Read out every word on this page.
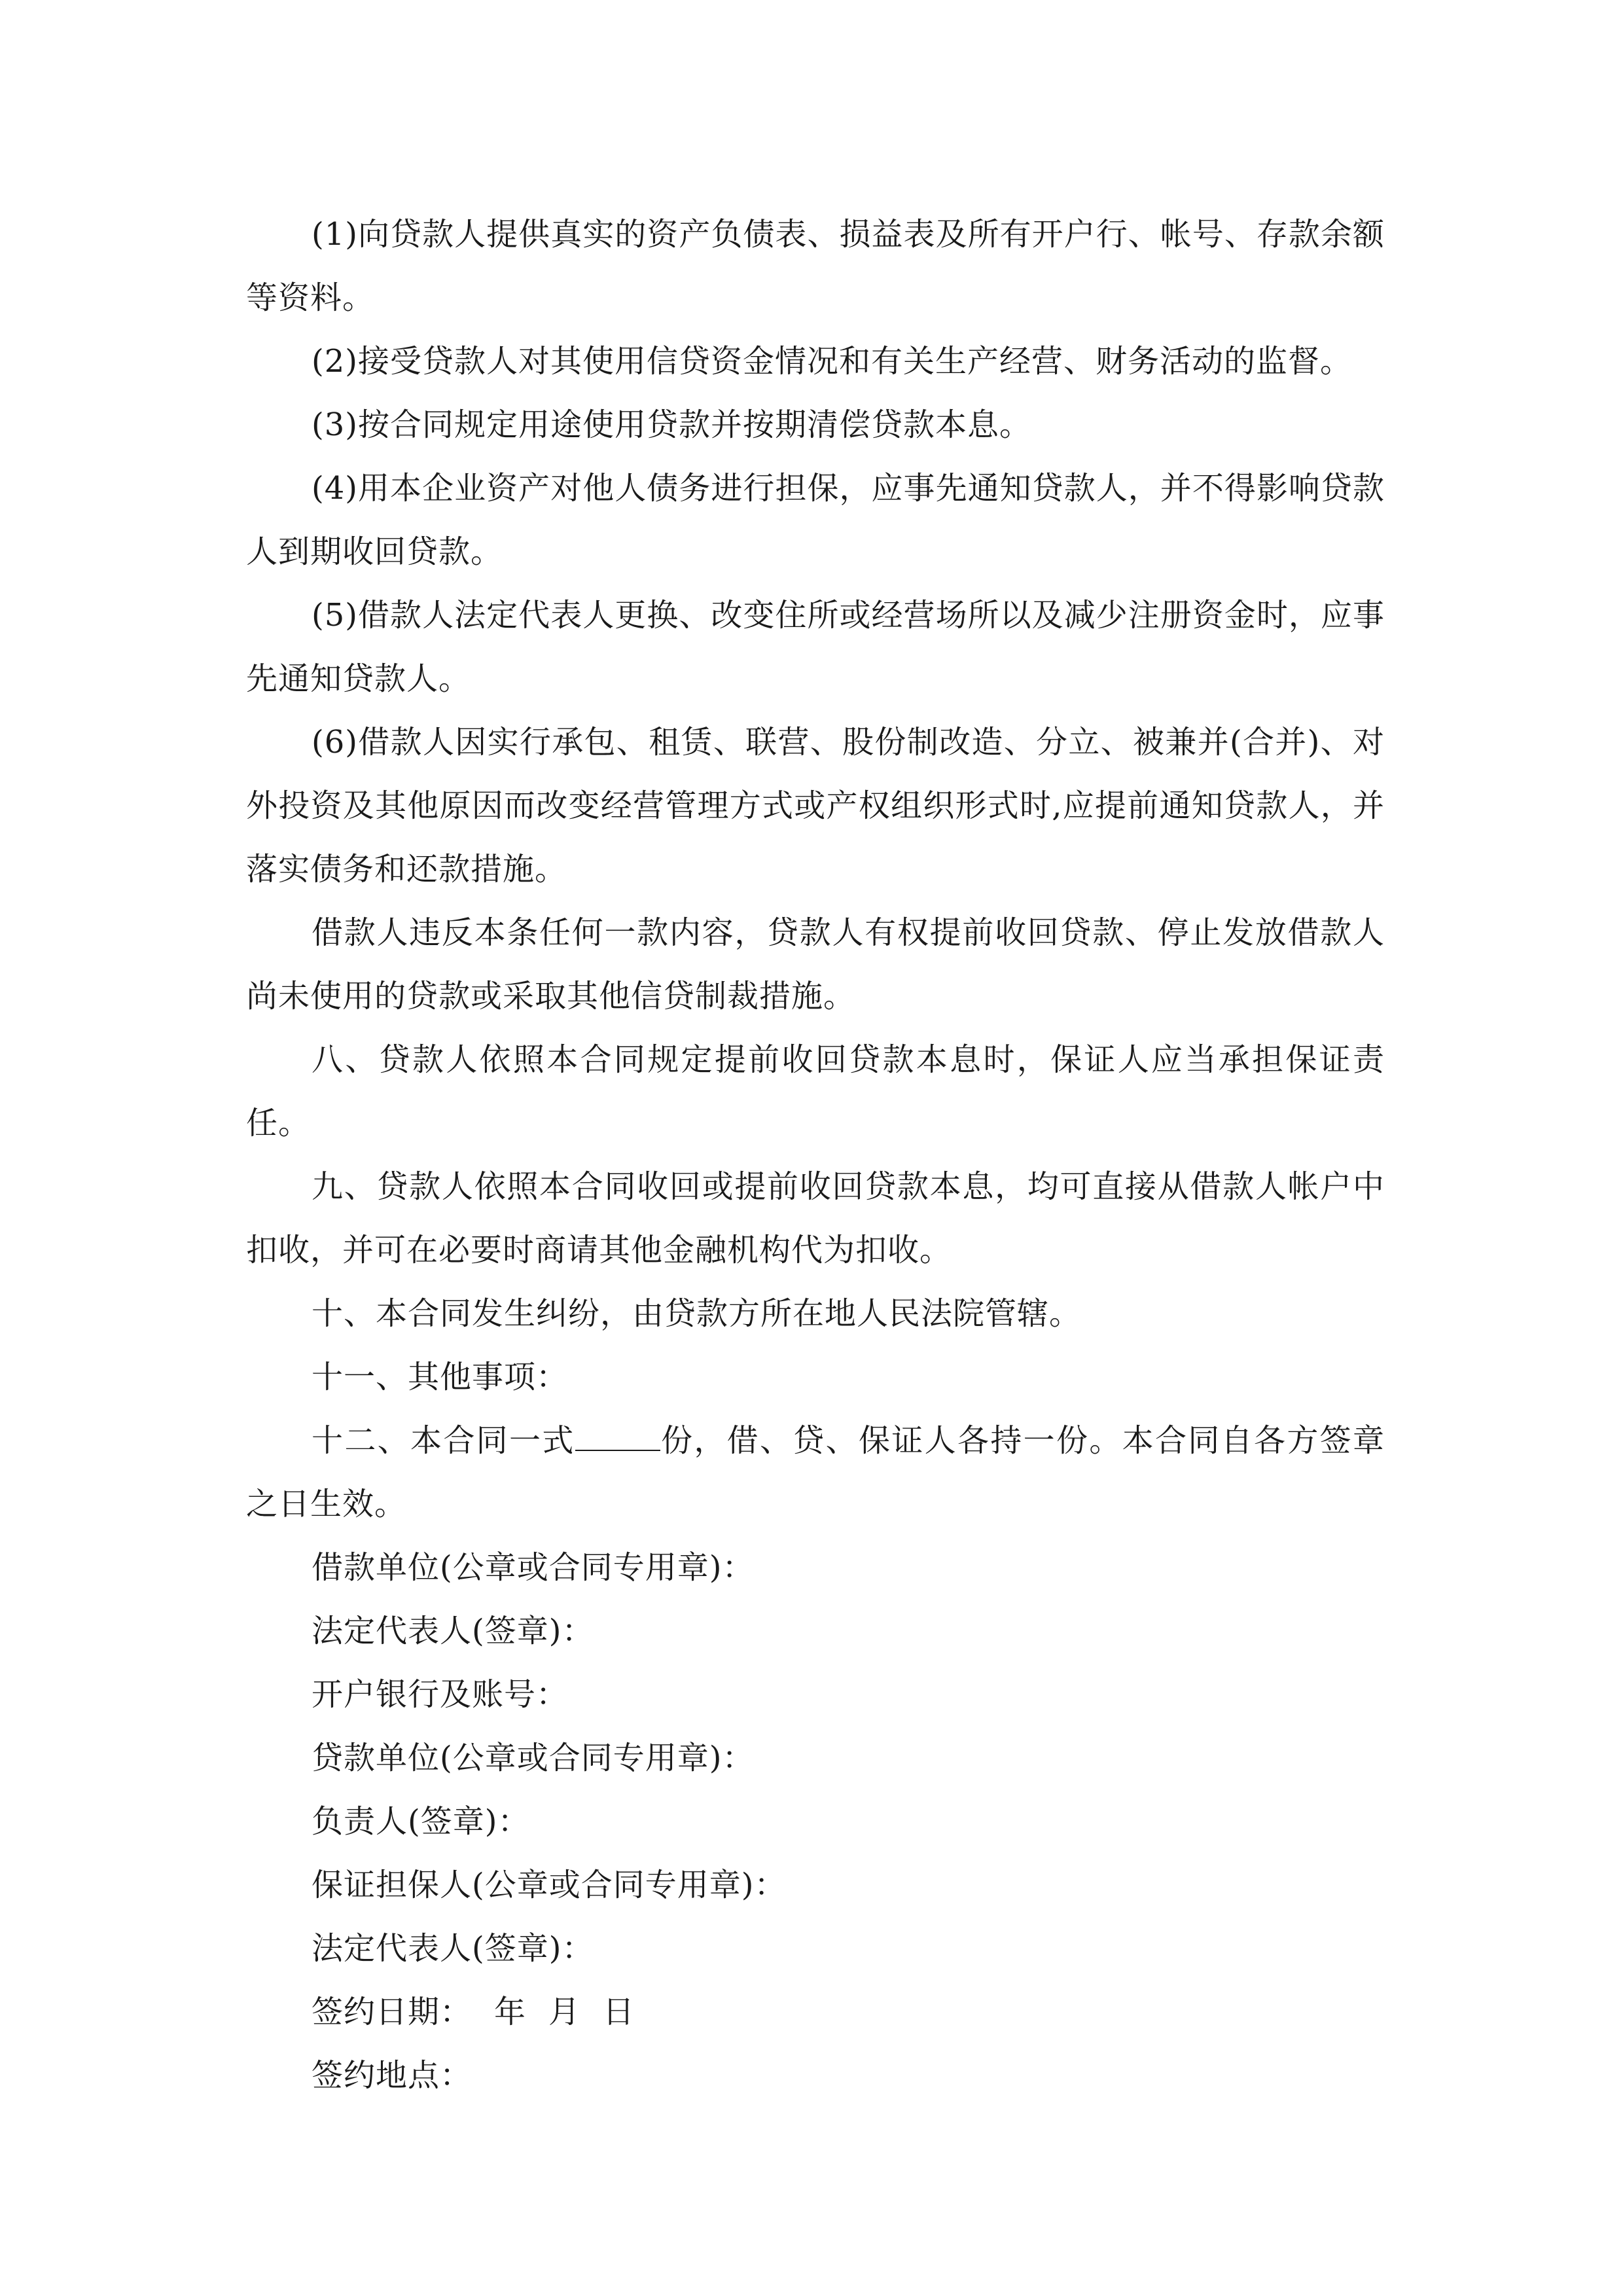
(1)向贷款人提供真实的资产负债表、损益表及所有开户行、帐号、存款余额等资料。

(2)接受贷款人对其使用信贷资金情况和有关生产经营、财务活动的监督。

(3)按合同规定用途使用贷款并按期清偿贷款本息。

(4)用本企业资产对他人债务进行担保，应事先通知贷款人，并不得影响贷款人到期收回贷款。

(5)借款人法定代表人更换、改变住所或经营场所以及减少注册资金时，应事先通知贷款人。

(6)借款人因实行承包、租赁、联营、股份制改造、分立、被兼并(合并)、对外投资及其他原因而改变经营管理方式或产权组织形式时,应提前通知贷款人，并落实债务和还款措施。

借款人违反本条任何一款内容，贷款人有权提前收回贷款、停止发放借款人尚未使用的贷款或采取其他信贷制裁措施。

八、贷款人依照本合同规定提前收回贷款本息时，保证人应当承担保证责任。

九、贷款人依照本合同收回或提前收回贷款本息，均可直接从借款人帐户中扣收，并可在必要时商请其他金融机构代为扣收。

十、本合同发生纠纷，由贷款方所在地人民法院管辖。

十一、其他事项：

十二、本合同一式	份，借、贷、保证人各持一份。本合同自各方签章之日生效。

借款单位(公章或合同专用章)：

法定代表人(签章)：

开户银行及账号：

贷款单位(公章或合同专用章)：

负责人(签章)：

保证担保人(公章或合同专用章)：

法定代表人(签章)：

签约日期： 年 月 日

签约地点：
